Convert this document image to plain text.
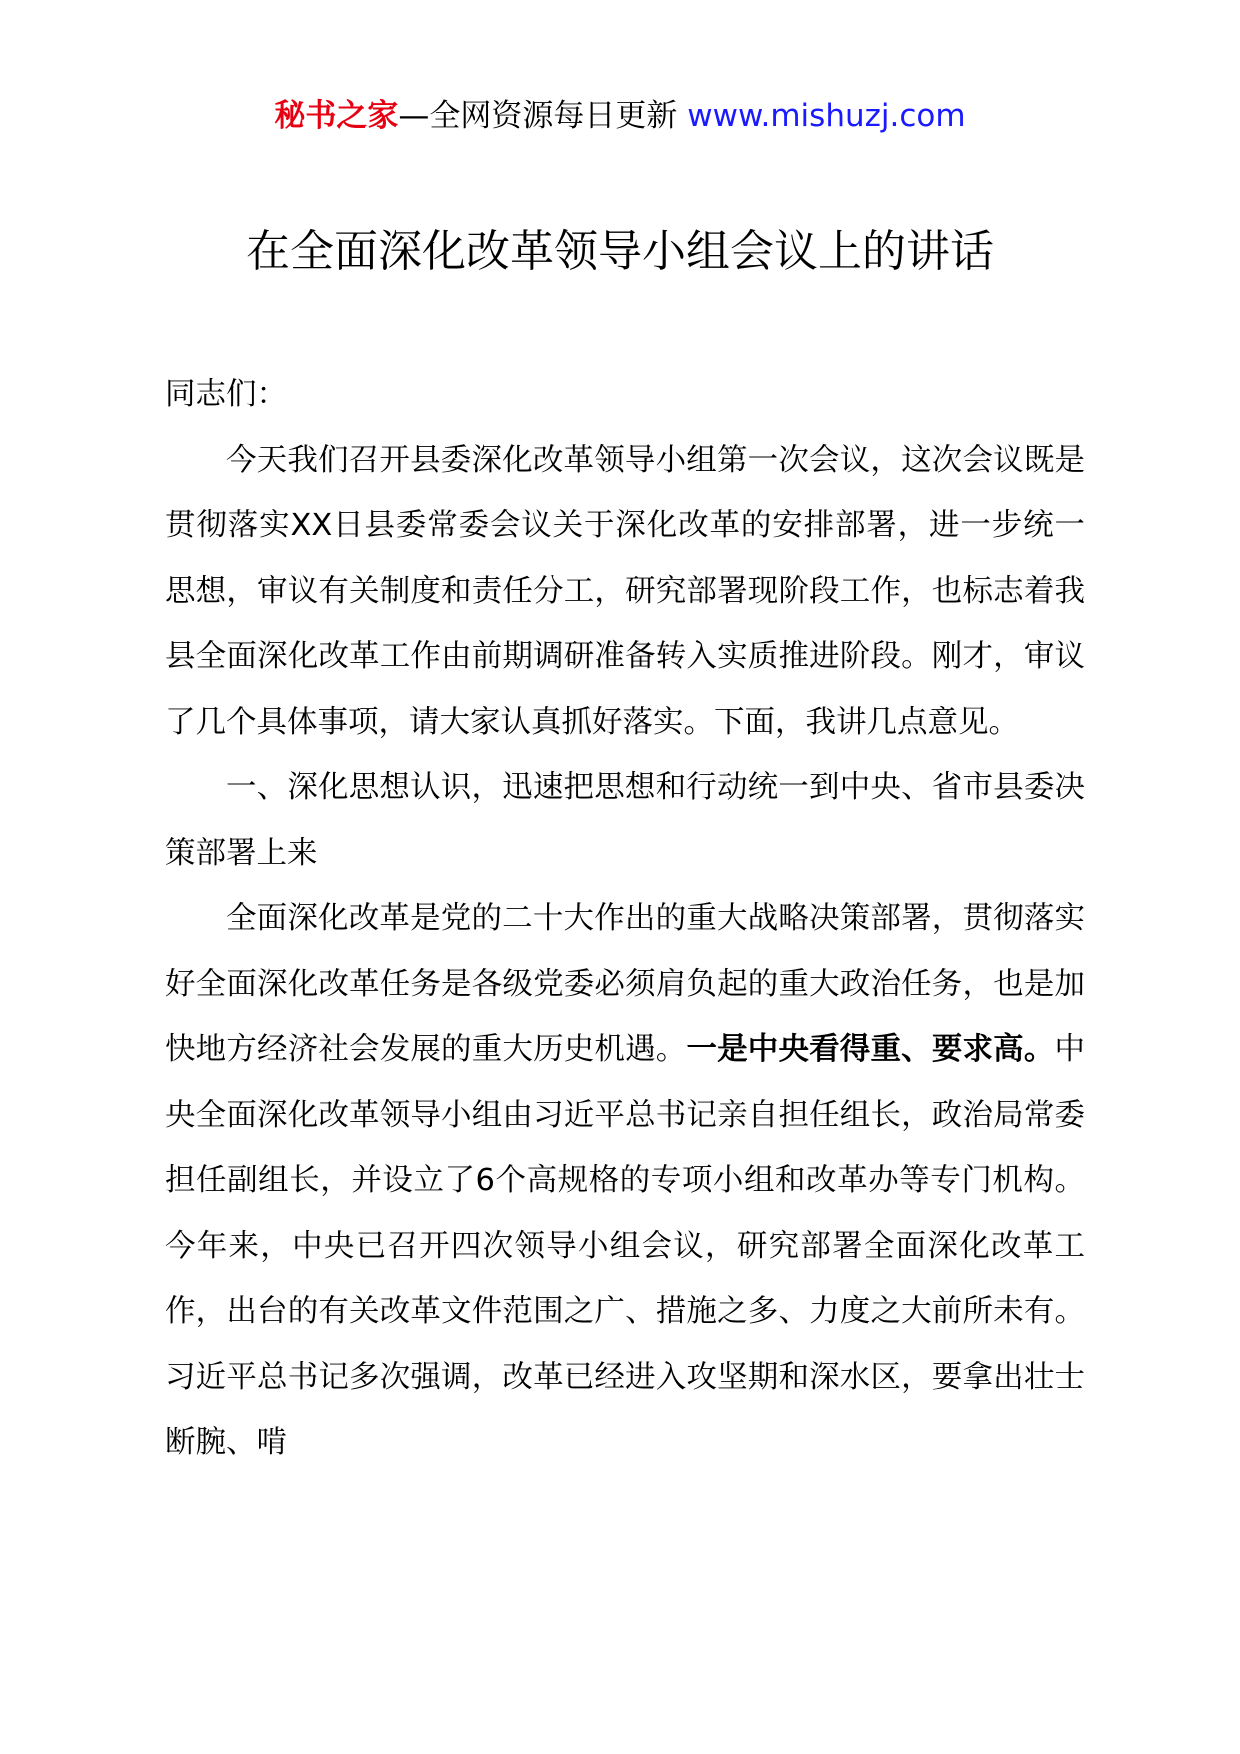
秘书之家—全网资源每日更新 www.mishuzj.com
在全面深化改革领导小组会议上的讲话

同志们：

今天我们召开县委深化改革领导小组第一次会议，这次会议既是贯彻落实XX日县委常委会议关于深化改革的安排部署，进一步统一思想，审议有关制度和责任分工，研究部署现阶段工作，也标志着我县全面深化改革工作由前期调研准备转入实质推进阶段。刚才，审议了几个具体事项，请大家认真抓好落实。下面，我讲几点意见。

一、深化思想认识，迅速把思想和行动统一到中央、省市县委决策部署上来

全面深化改革是党的二十大作出的重大战略决策部署，贯彻落实好全面深化改革任务是各级党委必须肩负起的重大政治任务，也是加快地方经济社会发展的重大历史机遇。一是中央看得重、要求高。中央全面深化改革领导小组由习近平总书记亲自担任组长，政治局常委担任副组长，并设立了6个高规格的专项小组和改革办等专门机构。今年来，中央已召开四次领导小组会议，研究部署全面深化改革工作，出台的有关改革文件范围之广、措施之多、力度之大前所未有。习近平总书记多次强调，改革已经进入攻坚期和深水区，要拿出壮士断腕、啃
